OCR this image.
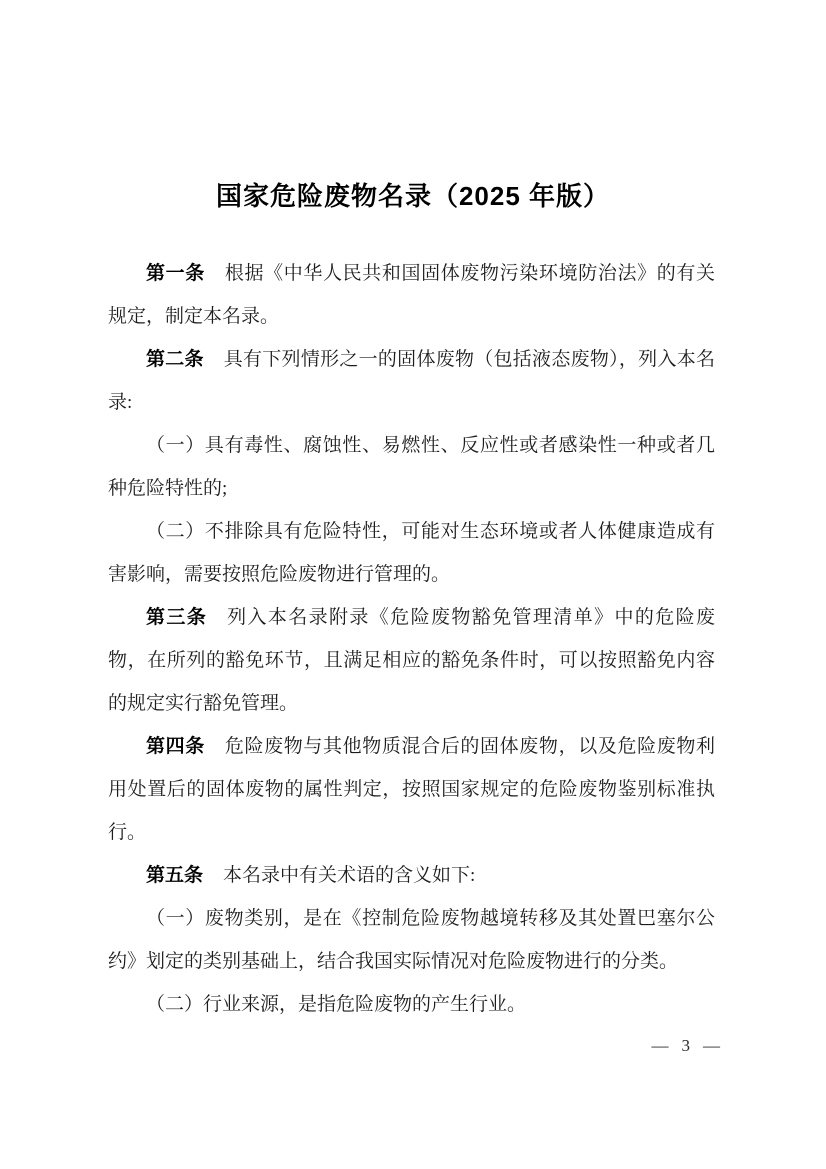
国家危险废物名录（2025 年版）

第一条 根据《中华人民共和国固体废物污染环境防治法》的有关规定，制定本名录。

第二条 具有下列情形之一的固体废物（包括液态废物），列入本名录:

（一）具有毒性、腐蚀性、易燃性、反应性或者感染性一种或者几种危险特性的;

（二）不排除具有危险特性，可能对生态环境或者人体健康造成有害影响，需要按照危险废物进行管理的。

第三条 列入本名录附录《危险废物豁免管理清单》中的危险废物，在所列的豁免环节，且满足相应的豁免条件时，可以按照豁免内容的规定实行豁免管理。

第四条 危险废物与其他物质混合后的固体废物，以及危险废物利用处置后的固体废物的属性判定，按照国家规定的危险废物鉴别标准执行。

第五条 本名录中有关术语的含义如下:

（一）废物类别，是在《控制危险废物越境转移及其处置巴塞尔公约》划定的类别基础上，结合我国实际情况对危险废物进行的分类。

（二）行业来源，是指危险废物的产生行业。

— 3 —
